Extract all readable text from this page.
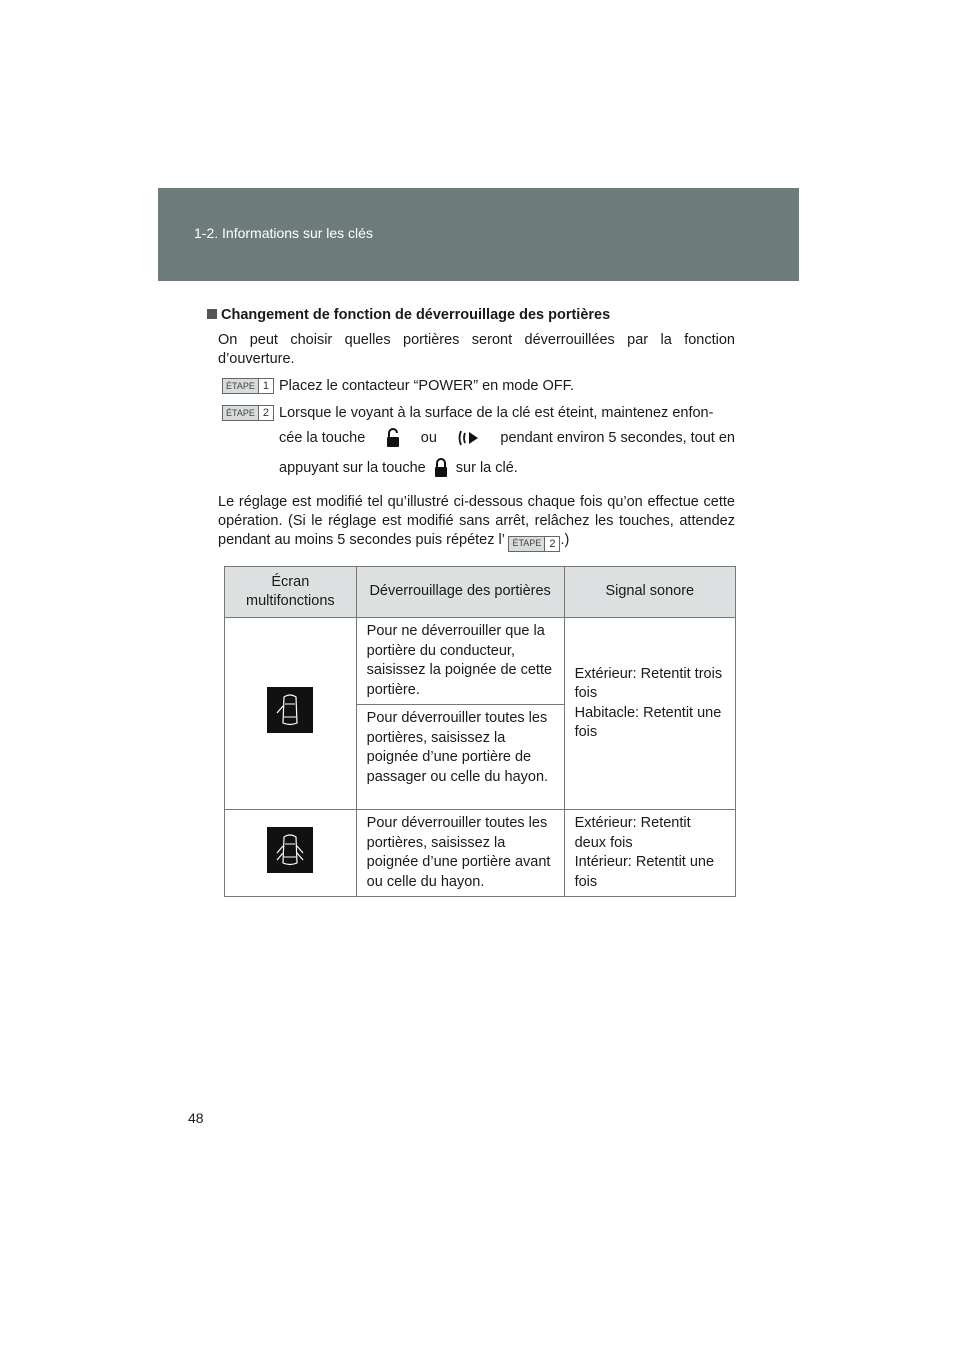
1-2. Informations sur les clés
Changement de fonction de déverrouillage des portières
On peut choisir quelles portières seront déverrouillées par la fonction d’ouverture.
ÉTAPE 1 Placez le contacteur “POWER” en mode OFF.
ÉTAPE 2 Lorsque le voyant à la surface de la clé est éteint, maintenez enfon-
cée la touche	ou	pendant environ 5 secondes, tout en
appuyant sur la touche sur la clé.
Le réglage est modifié tel qu’illustré ci-dessous chaque fois qu’on effectue cette opération. (Si le réglage est modifié sans arrêt, relâchez les touches, attendez pendant au moins 5 secondes puis répétez l’ ÉTAPE 2 .)
Écran multifonctions	Déverrouillage des portières	Signal sonore
	Pour ne déverrouiller que la portière du conducteur, saisissez la poignée de cette portière.	Extérieur: Retentit trois fois
Habitacle: Retentit une fois
	Pour déverrouiller toutes les portières, saisissez la poignée d’une portière de passager ou celle du hayon.	
	Pour déverrouiller toutes les portières, saisissez la poignée d’une portière avant ou celle du hayon.	Extérieur: Retentit deux fois
Intérieur: Retentit une fois
48
